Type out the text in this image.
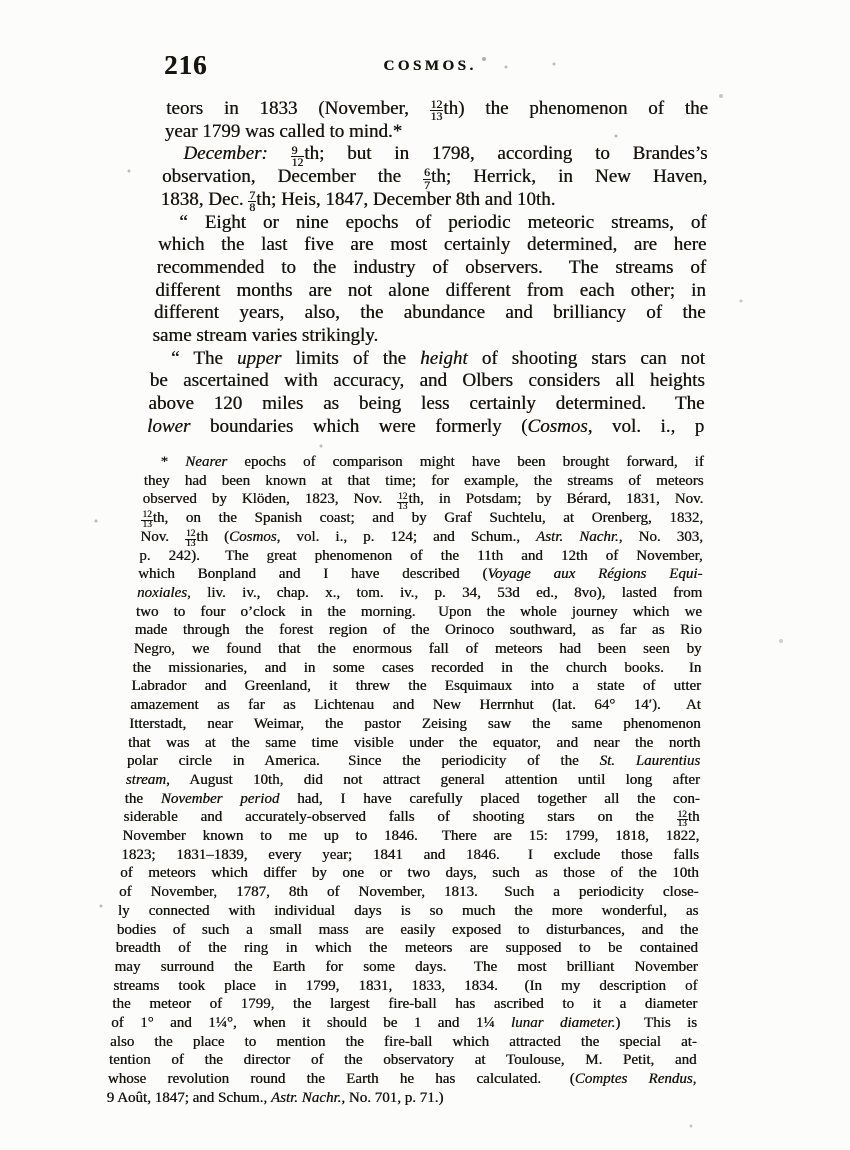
216	COSMOS.
teors in 1833 (November, $\frac{12}{13} th$) the phenomenon of the
year 1799 was called to mind.*
December: $\frac{9}{12}$ th; but in 1798, according to Brandes’s
observation, December the $\frac{6}{7}$ th; Herrick, in New Haven,
1838, Dec. $\frac{7}{8}$ th; Heis, 1847, December 8th and 10th.
“ Eight or nine epochs of periodic meteoric streams, of
which the last five are most certainly determined, are here
recommended to the industry of observers.  The streams of
different months are not alone different from each other; in
different years, also, the abundance and brilliancy of the
same stream varies strikingly.
“ The upper limits of the height of shooting stars can not
be ascertained with accuracy, and Olbers considers all heights
above 120 miles as being less certainly determined.  The
lower boundaries which were formerly (Cosmos, vol. i., p
* Nearer epochs of comparison might have been brought forward, if
they had been known at that time; for example, the streams of meteors
observed by Klöden, 1823, Nov. $\frac{12}{13}$ th, in Potsdam; by Bérard, 1831, Nov.
$\frac{12}{13}$ th, on the Spanish coast; and by Graf Suchtelu, at Orenberg, 1832,
Nov. $\frac{12}{13}$ th (Cosmos, vol. i., p. 124; and Schum., Astr. Nachr., No. 303,
p. 242).  The great phenomenon of the 11th and 12th of November,
which Bonpland and I have described (Voyage aux Régions Equi-
noxiales, liv. iv., chap. x., tom. iv., p. 34, 53d ed., 8vo), lasted from
two to four o’clock in the morning.  Upon the whole journey which we
made through the forest region of the Orinoco southward, as far as Rio
Negro, we found that the enormous fall of meteors had been seen by
the missionaries, and in some cases recorded in the church books.  In
Labrador and Greenland, it threw the Esquimaux into a state of utter
amazement as far as Lichtenau and New Herrnhut (lat. 64° 14′).  At
Itterstadt, near Weimar, the pastor Zeising saw the same phenomenon
that was at the same time visible under the equator, and near the north
polar circle in America.  Since the periodicity of the St. Laurentius
stream, August 10th, did not attract general attention until long after
the November period had, I have carefully placed together all the con-
siderable and accurately-observed falls of shooting stars on the $\frac{12}{13}$ th
November known to me up to 1846.  There are 15: 1799, 1818, 1822,
1823; 1831–1839, every year; 1841 and 1846.  I exclude those falls
of meteors which differ by one or two days, such as those of the 10th
of November, 1787, 8th of November, 1813.  Such a periodicity close-
ly connected with individual days is so much the more wonderful, as
bodies of such a small mass are easily exposed to disturbances, and the
breadth of the ring in which the meteors are supposed to be contained
may surround the Earth for some days.  The most brilliant November
streams took place in 1799, 1831, 1833, 1834.  (In my description of
the meteor of 1799, the largest fire-ball has ascribed to it a diameter
of 1° and 1¼°, when it should be 1 and 1¼ lunar diameter.)  This is
also the place to mention the fire-ball which attracted the special at-
tention of the director of the observatory at Toulouse, M. Petit, and
whose revolution round the Earth he has calculated.  (Comptes Rendus,
9 Août, 1847; and Schum., Astr. Nachr., No. 701, p. 71.)
